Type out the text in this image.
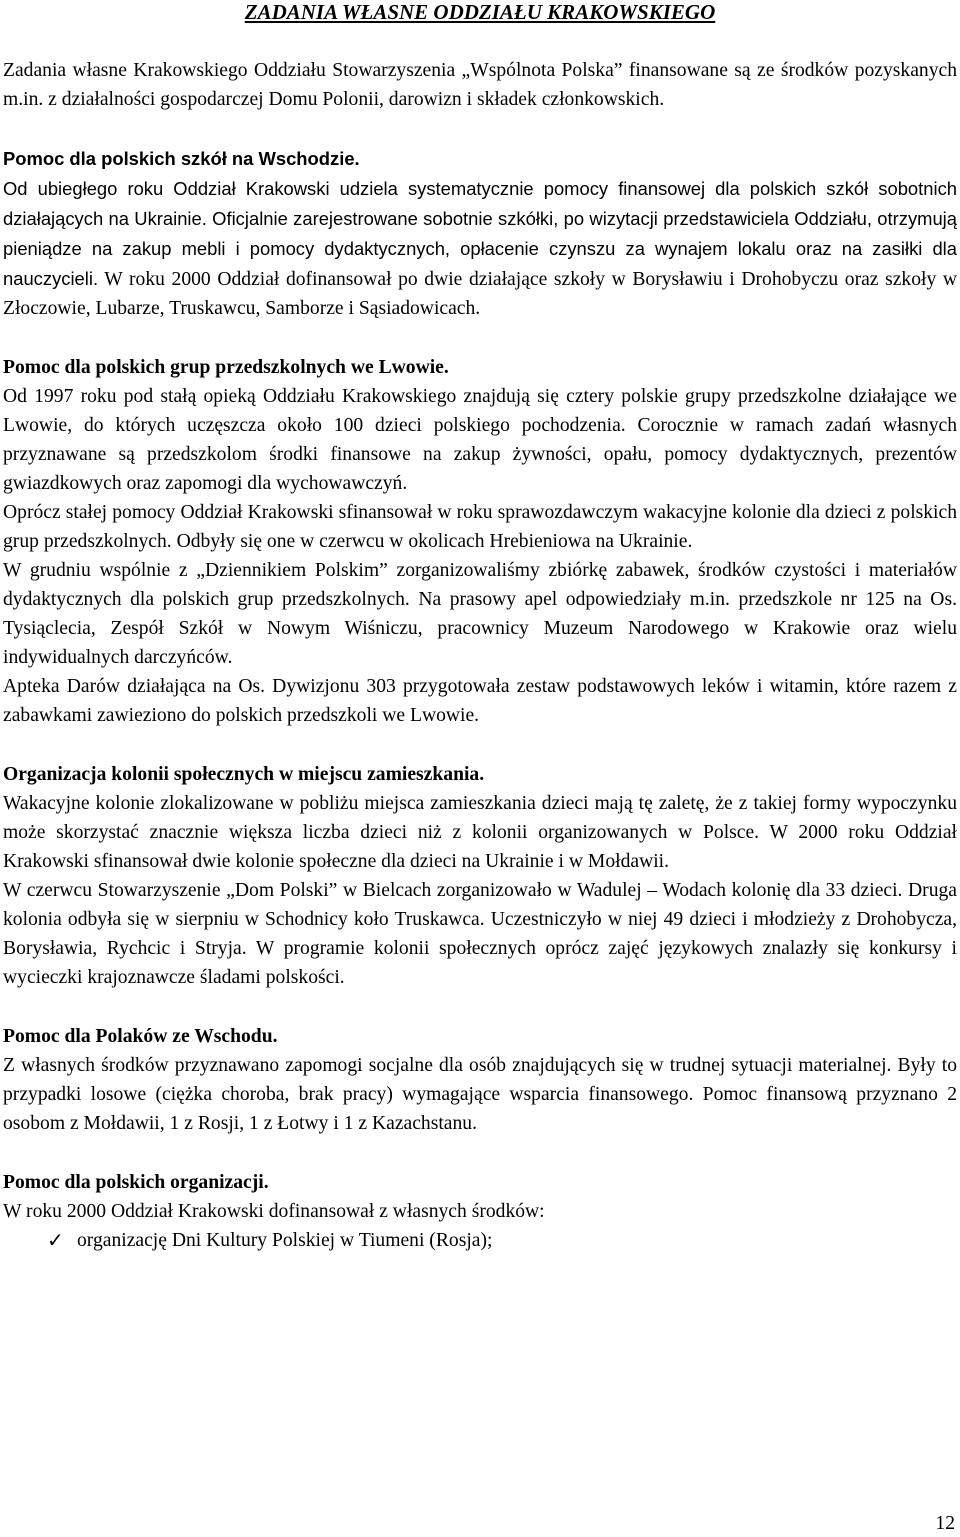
ZADANIA WŁASNE ODDZIAŁU KRAKOWSKIEGO

Zadania własne Krakowskiego Oddziału Stowarzyszenia „Wspólnota Polska” finansowane są ze środków pozyskanych m.in. z działalności gospodarczej Domu Polonii, darowizn i składek członkowskich.

Pomoc dla polskich szkół na Wschodzie.

Od ubiegłego roku Oddział Krakowski udziela systematycznie pomocy finansowej dla polskich szkół sobotnich działających na Ukrainie. Oficjalnie zarejestrowane sobotnie szkółki, po wizytacji przedstawiciela Oddziału, otrzymują pieniądze na zakup mebli i pomocy dydaktycznych, opłacenie czynszu za wynajem lokalu oraz na zasiłki dla nauczycieli. W roku 2000 Oddział dofinansował po dwie działające szkoły w Borysławiu i Drohobyczu oraz szkoły w Złoczowie, Lubarze, Truskawcu, Samborze i Sąsiadowicach.

Pomoc dla polskich grup przedszkolnych we Lwowie.

Od 1997 roku pod stałą opieką Oddziału Krakowskiego znajdują się cztery polskie grupy przedszkolne działające we Lwowie, do których uczęszcza około 100 dzieci polskiego pochodzenia. Corocznie w ramach zadań własnych przyznawane są przedszkolom środki finansowe na zakup żywności, opału, pomocy dydaktycznych, prezentów gwiazdkowych oraz zapomogi dla wychowawczyń.

Oprócz stałej pomocy Oddział Krakowski sfinansował w roku sprawozdawczym wakacyjne kolonie dla dzieci z polskich grup przedszkolnych. Odbyły się one w czerwcu w okolicach Hrebieniowa na Ukrainie.

W grudniu wspólnie z „Dziennikiem Polskim” zorganizowaliśmy zbiórkę zabawek, środków czystości i materiałów dydaktycznych dla polskich grup przedszkolnych. Na prasowy apel odpowiedziały m.in. przedszkole nr 125 na Os. Tysiąclecia, Zespół Szkół w Nowym Wiśniczu, pracownicy Muzeum Narodowego w Krakowie oraz wielu indywidualnych darczyńców.

Apteka Darów działająca na Os. Dywizjonu 303 przygotowała zestaw podstawowych leków i witamin, które razem z zabawkami zawieziono do polskich przedszkoli we Lwowie.

Organizacja kolonii społecznych w miejscu zamieszkania.

Wakacyjne kolonie zlokalizowane w pobliżu miejsca zamieszkania dzieci mają tę zaletę, że z takiej formy wypoczynku może skorzystać znacznie większa liczba dzieci niż z kolonii organizowanych w Polsce. W 2000 roku Oddział Krakowski sfinansował dwie kolonie społeczne dla dzieci na Ukrainie i w Mołdawii.

W czerwcu Stowarzyszenie „Dom Polski” w Bielcach zorganizowało w Wadulej – Wodach kolonię dla 33 dzieci. Druga kolonia odbyła się w sierpniu w Schodnicy koło Truskawca. Uczestniczyło w niej 49 dzieci i młodzieży z Drohobycza, Borysławia, Rychcic i Stryja. W programie kolonii społecznych oprócz zajęć językowych znalazły się konkursy i wycieczki krajoznawcze śladami polskości.

Pomoc dla Polaków ze Wschodu.

Z własnych środków przyznawano zapomogi socjalne dla osób znajdujących się w trudnej sytuacji materialnej. Były to przypadki losowe (ciężka choroba, brak pracy) wymagające wsparcia finansowego. Pomoc finansową przyznano 2 osobom z Mołdawii, 1 z Rosji, 1 z Łotwy i 1 z Kazachstanu.

Pomoc dla polskich organizacji.

W roku 2000 Oddział Krakowski dofinansował z własnych środków:

✓ organizację Dni Kultury Polskiej w Tiumeni (Rosja);
12
